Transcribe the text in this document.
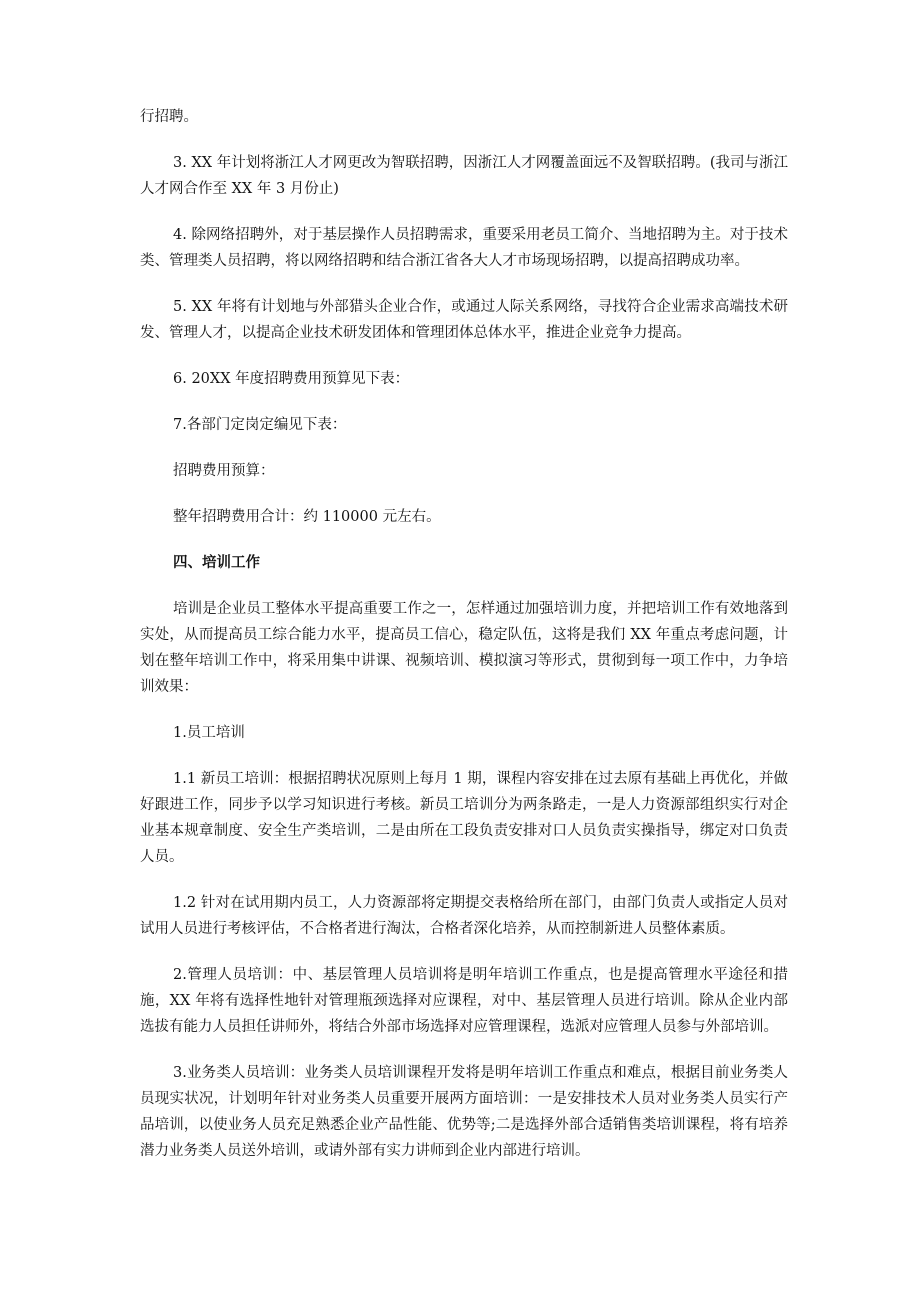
行招聘。

3. XX 年计划将浙江人才网更改为智联招聘，因浙江人才网覆盖面远不及智联招聘。(我司与浙江人才网合作至 XX 年 3 月份止)

4. 除网络招聘外，对于基层操作人员招聘需求，重要采用老员工简介、当地招聘为主。对于技术类、管理类人员招聘，将以网络招聘和结合浙江省各大人才市场现场招聘，以提高招聘成功率。

5. XX 年将有计划地与外部猎头企业合作，或通过人际关系网络，寻找符合企业需求高端技术研发、管理人才，以提高企业技术研发团体和管理团体总体水平，推进企业竞争力提高。

6. 20XX 年度招聘费用预算见下表：

7.各部门定岗定编见下表：

招聘费用预算：

整年招聘费用合计：约 110000 元左右。

四、培训工作

培训是企业员工整体水平提高重要工作之一，怎样通过加强培训力度，并把培训工作有效地落到实处，从而提高员工综合能力水平，提高员工信心，稳定队伍，这将是我们 XX 年重点考虑问题，计划在整年培训工作中，将采用集中讲课、视频培训、模拟演习等形式，贯彻到每一项工作中，力争培训效果：

1.员工培训

1.1 新员工培训：根据招聘状况原则上每月 1 期，课程内容安排在过去原有基础上再优化，并做好跟进工作，同步予以学习知识进行考核。新员工培训分为两条路走，一是人力资源部组织实行对企业基本规章制度、安全生产类培训，二是由所在工段负责安排对口人员负责实操指导，绑定对口负责人员。

1.2 针对在试用期内员工，人力资源部将定期提交表格给所在部门，由部门负责人或指定人员对试用人员进行考核评估，不合格者进行淘汰，合格者深化培养，从而控制新进人员整体素质。

2.管理人员培训：中、基层管理人员培训将是明年培训工作重点，也是提高管理水平途径和措施，XX 年将有选择性地针对管理瓶颈选择对应课程，对中、基层管理人员进行培训。除从企业内部选拔有能力人员担任讲师外，将结合外部市场选择对应管理课程，选派对应管理人员参与外部培训。

3.业务类人员培训：业务类人员培训课程开发将是明年培训工作重点和难点，根据目前业务类人员现实状况，计划明年针对业务类人员重要开展两方面培训：一是安排技术人员对业务类人员实行产品培训，以使业务人员充足熟悉企业产品性能、优势等;二是选择外部合适销售类培训课程，将有培养潜力业务类人员送外培训，或请外部有实力讲师到企业内部进行培训。
